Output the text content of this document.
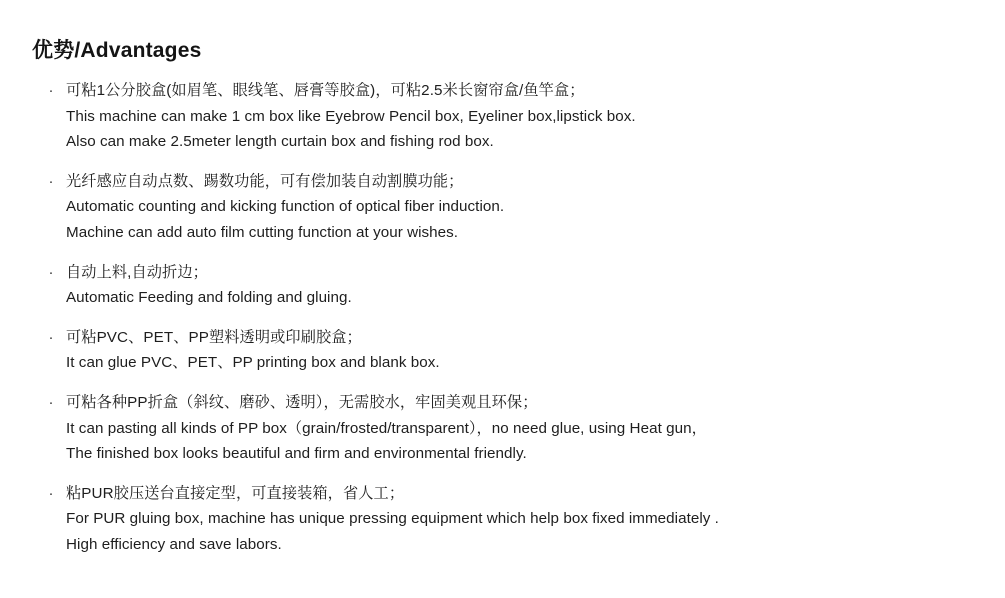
优势/Advantages
· 可粘1公分胶盒(如眉笔、眼线笔、唇膏等胶盒)，可粘2.5米长窗帘盒/鱼竿盒；
This machine can make 1 cm box like Eyebrow Pencil box, Eyeliner box,lipstick box.
Also can make 2.5meter length curtain box and fishing rod box.
· 光纤感应自动点数、踢数功能，可有偿加装自动割膜功能；
Automatic counting and kicking function of optical fiber induction.
Machine can add auto film cutting function at your wishes.
· 自动上料,自动折边；
Automatic Feeding and folding and gluing.
· 可粘PVC、PET、PP塑料透明或印刷胶盒；
It can glue PVC、PET、PP printing box and blank box.
· 可粘各种PP折盒（斜纹、磨砂、透明），无需胶水，牢固美观且环保；
It can pasting all kinds of PP box（grain/frosted/transparent），no need glue, using Heat gun，
The finished box looks beautiful and firm and environmental friendly.
· 粘PUR胶压送台直接定型，可直接装箱，省人工；
For PUR gluing box, machine has unique pressing equipment which help box fixed immediately .
High efficiency and save labors.
